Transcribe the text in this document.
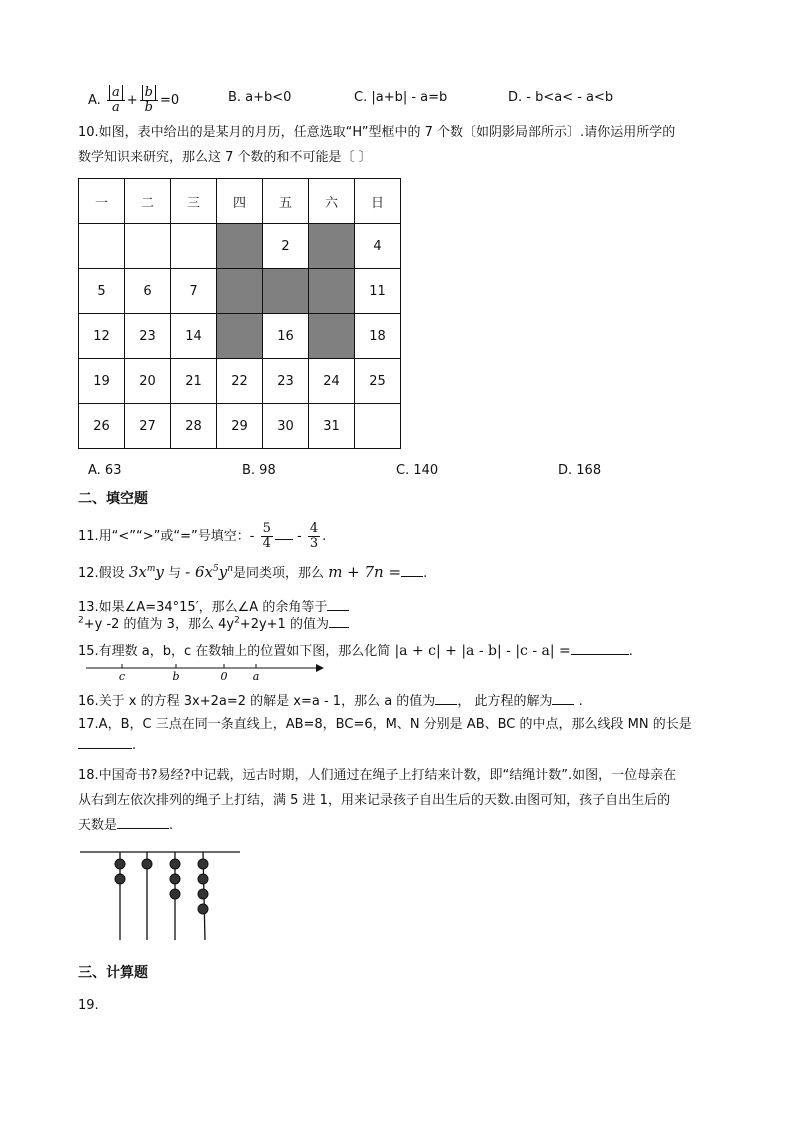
A. $\frac{a}{a} + \frac{b}{b} =0$	B. a+b<0	C. |a+b| - a=b	D. - b<a< - a<b
10.如图，表中给出的是某月的月历，任意选取“H”型框中的 7 个数〔如阴影局部所示〕.请你运用所学的
数学知识来研究，那么这 7 个数的和不可能是〔 〕
一	二	三	四	五	六	日
				2		4
5	6	7				11
12	23	14		16		18
19	20	21	22	23	24	25
26	27	28	29	30	31	
A. 63	B. 98	C. 140	D. 168
二、填空题
11.用“<”“>”或“=”号填空：- $\frac{5}{4} - \frac{4}{3}$ .
12.假设 $3x^my$ 与 - $6x^5y^n$是同类项，那么 m + 7n = .
13.如果∠A=34°15′，那么∠A 的余角等于
$^2$+y -2 的值为 3，那么 $4y^2+2y+1$ 的值为
15.有理数 a，b，c 在数轴上的位置如下图，那么化简 |a + c| + |a - b| - |c - a| =	.
c	b	0 a
16.关于 x 的方程 3x+2a=2 的解是 x=a - 1，那么 a 的值为 ， 此方程的解为 .
17.A，B，C 三点在同一条直线上，AB=8，BC=6，M、N 分别是 AB、BC 的中点，那么线段 MN 的长是
.
18.中国奇书?易经?中记载，远古时期，人们通过在绳子上打结来计数，即“结绳计数”.如图，一位母亲在
从右到左依次排列的绳子上打结，满 5 进 1，用来记录孩子自出生后的天数.由图可知，孩子自出生后的
天数是	.
三、计算题
19.
